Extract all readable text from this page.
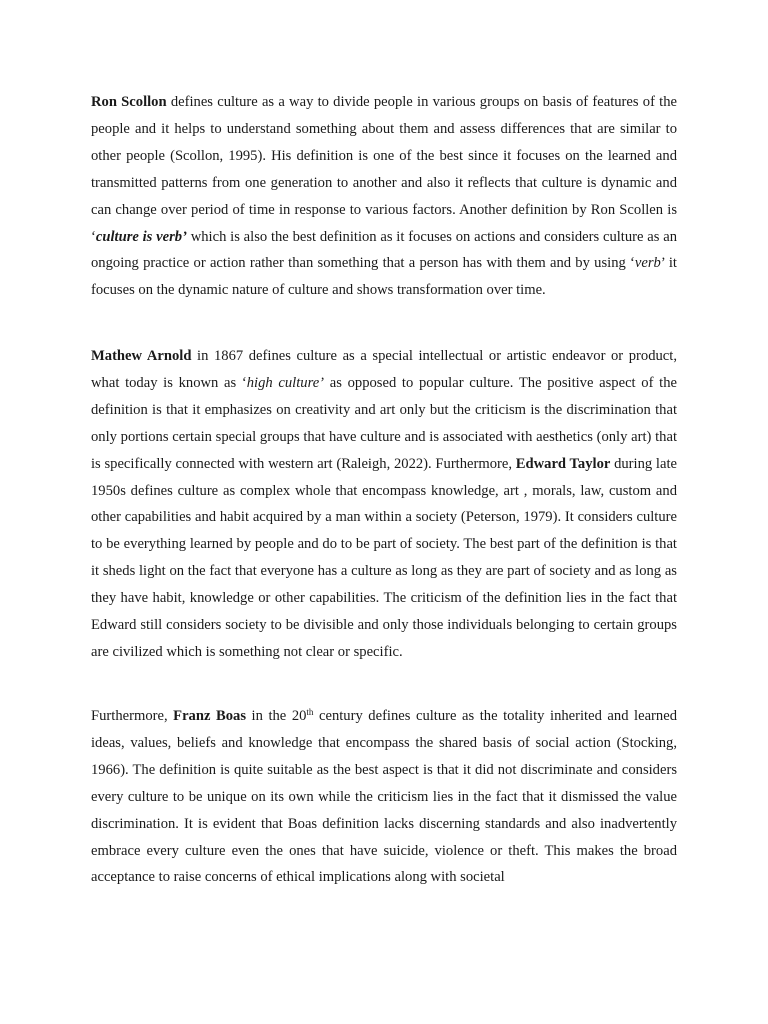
Ron Scollon defines culture as a way to divide people in various groups on basis of features of the people and it helps to understand something about them and assess differences that are similar to other people (Scollon, 1995). His definition is one of the best since it focuses on the learned and transmitted patterns from one generation to another and also it reflects that culture is dynamic and can change over period of time in response to various factors. Another definition by Ron Scollen is ‘culture is verb’ which is also the best definition as it focuses on actions and considers culture as an ongoing practice or action rather than something that a person has with them and by using ‘verb’ it focuses on the dynamic nature of culture and shows transformation over time.

Mathew Arnold in 1867 defines culture as a special intellectual or artistic endeavor or product, what today is known as ‘high culture’ as opposed to popular culture. The positive aspect of the definition is that it emphasizes on creativity and art only but the criticism is the discrimination that only portions certain special groups that have culture and is associated with aesthetics (only art) that is specifically connected with western art (Raleigh, 2022). Furthermore, Edward Taylor during late 1950s defines culture as complex whole that encompass knowledge, art , morals, law, custom and other capabilities and habit acquired by a man within a society (Peterson, 1979). It considers culture to be everything learned by people and do to be part of society. The best part of the definition is that it sheds light on the fact that everyone has a culture as long as they are part of society and as long as they have habit, knowledge or other capabilities. The criticism of the definition lies in the fact that Edward still considers society to be divisible and only those individuals belonging to certain groups are civilized which is something not clear or specific.

Furthermore, Franz Boas in the 20th century defines culture as the totality inherited and learned ideas, values, beliefs and knowledge that encompass the shared basis of social action (Stocking, 1966). The definition is quite suitable as the best aspect is that it did not discriminate and considers every culture to be unique on its own while the criticism lies in the fact that it dismissed the value discrimination. It is evident that Boas definition lacks discerning standards and also inadvertently embrace every culture even the ones that have suicide, violence or theft. This makes the broad acceptance to raise concerns of ethical implications along with societal
